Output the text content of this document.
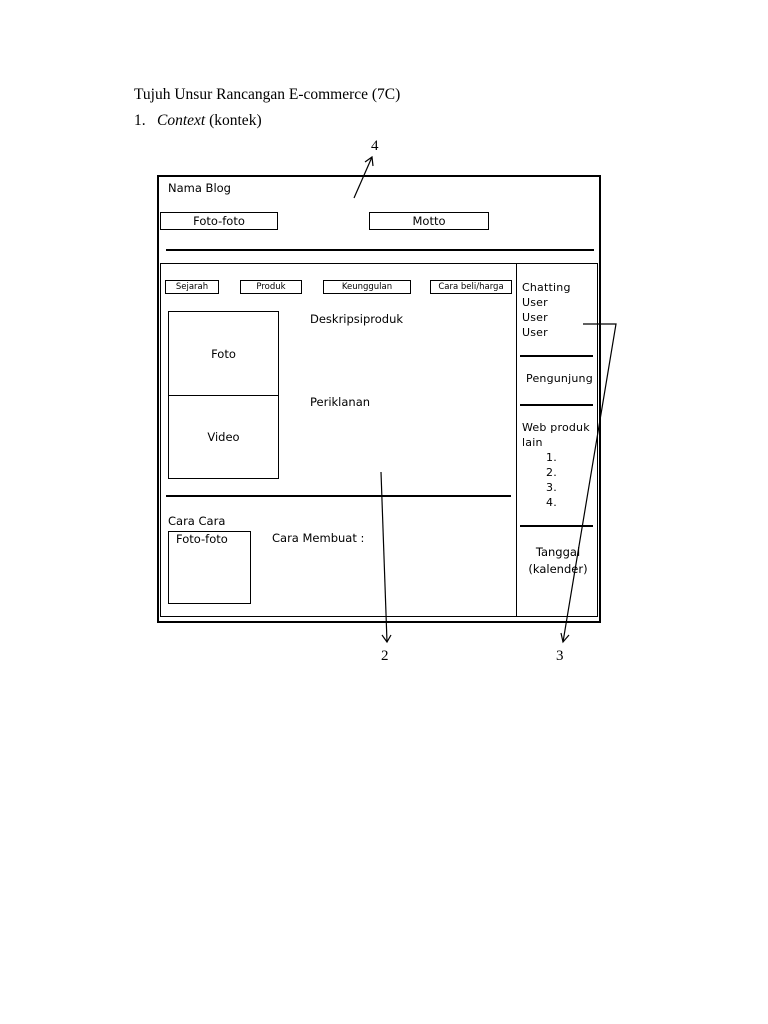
Tujuh Unsur Rancangan E-commerce (7C)
1. Context (kontek)
4
2	3
Nama Blog
Foto-foto	Motto
Sejarah	Produk	Keunggulan	Cara beli/harga
Foto
Video
Deskripsiproduk
Periklanan
Cara Cara
Foto-foto	Cara Membuat :
Chatting
User
User
User
Pengunjung
Web produk
lain
1.
2.
3.
4.
Tanggal
(kalender)
